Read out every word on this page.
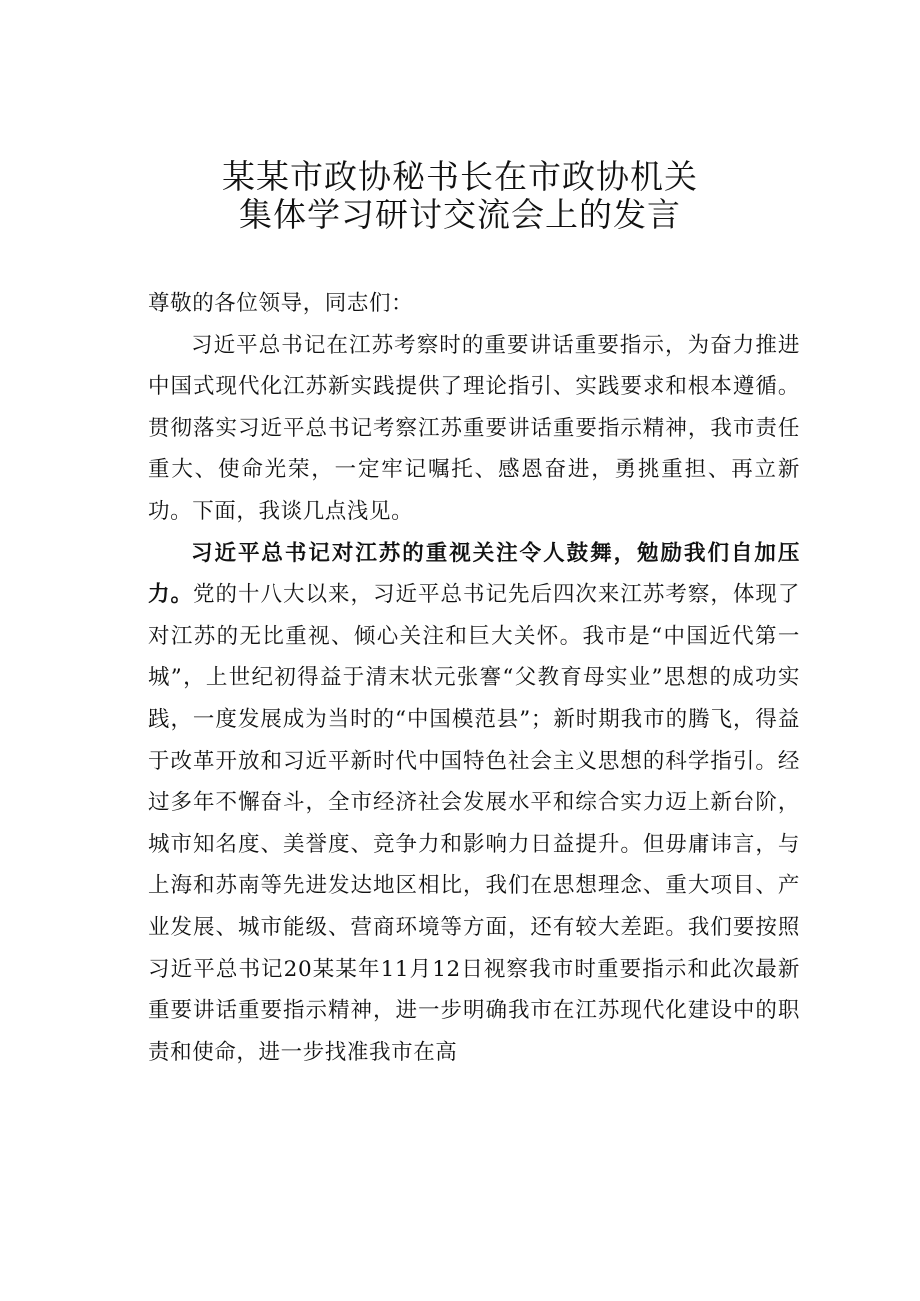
某某市政协秘书长在市政协机关
集体学习研讨交流会上的发言

尊敬的各位领导，同志们：

习近平总书记在江苏考察时的重要讲话重要指示，为奋力推进中国式现代化江苏新实践提供了理论指引、实践要求和根本遵循。贯彻落实习近平总书记考察江苏重要讲话重要指示精神，我市责任重大、使命光荣，一定牢记嘱托、感恩奋进，勇挑重担、再立新功。下面，我谈几点浅见。

习近平总书记对江苏的重视关注令人鼓舞，勉励我们自加压力。党的十八大以来，习近平总书记先后四次来江苏考察，体现了对江苏的无比重视、倾心关注和巨大关怀。我市是“中国近代第一城”，上世纪初得益于清末状元张謇“父教育母实业”思想的成功实践，一度发展成为当时的“中国模范县”；新时期我市的腾飞，得益于改革开放和习近平新时代中国特色社会主义思想的科学指引。经过多年不懈奋斗，全市经济社会发展水平和综合实力迈上新台阶，城市知名度、美誉度、竞争力和影响力日益提升。但毋庸讳言，与上海和苏南等先进发达地区相比，我们在思想理念、重大项目、产业发展、城市能级、营商环境等方面，还有较大差距。我们要按照习近平总书记20某某年11月12日视察我市时重要指示和此次最新重要讲话重要指示精神，进一步明确我市在江苏现代化建设中的职责和使命，进一步找准我市在高
